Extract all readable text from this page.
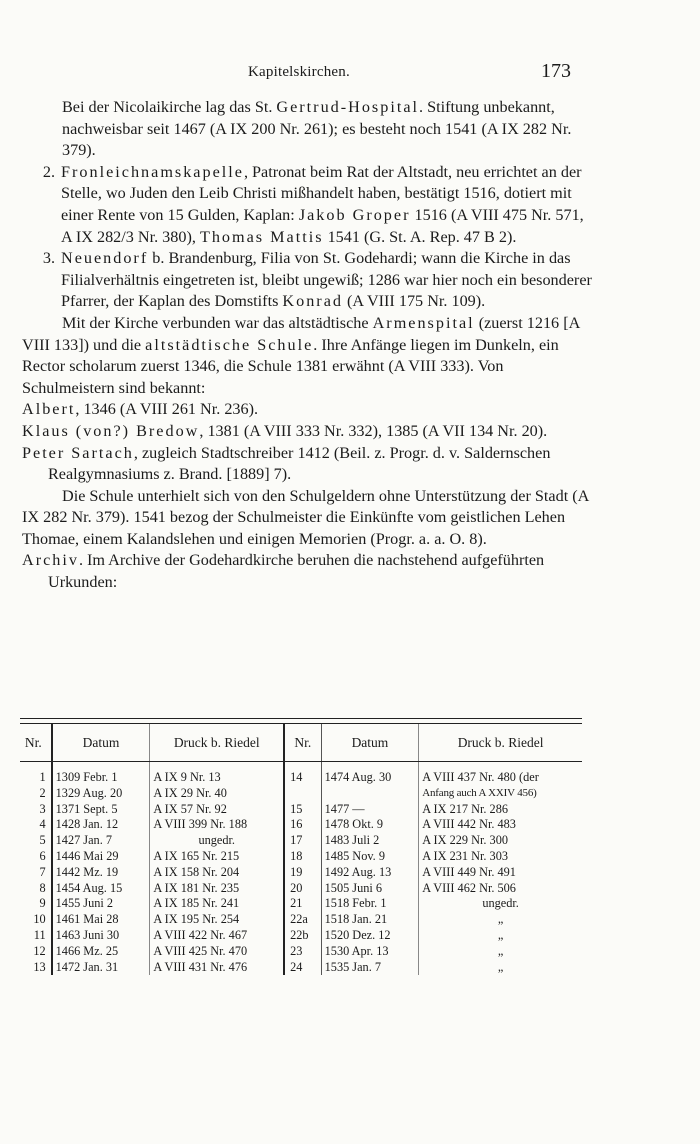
Kapitelskirchen.	173

Bei der Nicolaikirche lag das St. Gertrud-Hospital. Stiftung unbekannt, nachweisbar seit 1467 (A IX 200 Nr. 261); es besteht noch 1541 (A IX 282 Nr. 379).

2. Fronleichnamskapelle, Patronat beim Rat der Altstadt, neu errichtet an der Stelle, wo Juden den Leib Christi mißhandelt haben, bestätigt 1516, dotiert mit einer Rente von 15 Gulden, Kaplan: Jakob Groper 1516 (A VIII 475 Nr. 571, A IX 282/3 Nr. 380), Thomas Mattis 1541 (G. St. A. Rep. 47 B 2).
3. Neuendorf b. Brandenburg, Filia von St. Godehardi; wann die Kirche in das Filialverhältnis eingetreten ist, bleibt ungewiß; 1286 war hier noch ein besonderer Pfarrer, der Kaplan des Domstifts Konrad (A VIII 175 Nr. 109).

Mit der Kirche verbunden war das altstädtische Armenspital (zuerst 1216 [A VIII 133]) und die altstädtische Schule. Ihre Anfänge liegen im Dunkeln, ein Rector scholarum zuerst 1346, die Schule 1381 erwähnt (A VIII 333). Von Schulmeistern sind bekannt:

Albert, 1346 (A VIII 261 Nr. 236).

Klaus (von?) Bredow, 1381 (A VIII 333 Nr. 332), 1385 (A VII 134 Nr. 20).

Peter Sartach, zugleich Stadtschreiber 1412 (Beil. z. Progr. d. v. Saldernschen Realgymnasiums z. Brand. [1889] 7).

Die Schule unterhielt sich von den Schulgeldern ohne Unterstützung der Stadt (A IX 282 Nr. 379). 1541 bezog der Schulmeister die Einkünfte vom geistlichen Lehen Thomae, einem Kalandslehen und einigen Memorien (Progr. a. a. O. 8).

Archiv. Im Archive der Godehardkirche beruhen die nachstehend aufgeführten Urkunden:

Nr.	Datum	Druck b. Riedel	Nr.	Datum	Druck b. Riedel
1	1309 Febr. 1	A IX 9 Nr. 13	14	1474 Aug. 30	A VIII 437 Nr. 480 (der
2	1329 Aug. 20	A IX 29 Nr. 40			Anfang auch A XXIV 456)
3	1371 Sept. 5	A IX 57 Nr. 92	15	1477 —	A IX 217 Nr. 286
4	1428 Jan. 12	A VIII 399 Nr. 188	16	1478 Okt. 9	A VIII 442 Nr. 483
5	1427 Jan. 7	ungedr.	17	1483 Juli 2	A IX 229 Nr. 300
6	1446 Mai 29	A IX 165 Nr. 215	18	1485 Nov. 9	A IX 231 Nr. 303
7	1442 Mz. 19	A IX 158 Nr. 204	19	1492 Aug. 13	A VIII 449 Nr. 491
8	1454 Aug. 15	A IX 181 Nr. 235	20	1505 Juni 6	A VIII 462 Nr. 506
9	1455 Juni 2	A IX 185 Nr. 241	21	1518 Febr. 1	ungedr.
10	1461 Mai 28	A IX 195 Nr. 254	22a	1518 Jan. 21	„
11	1463 Juni 30	A VIII 422 Nr. 467	22b	1520 Dez. 12	„
12	1466 Mz. 25	A VIII 425 Nr. 470	23	1530 Apr. 13	„
13	1472 Jan. 31	A VIII 431 Nr. 476	24	1535 Jan. 7	„
